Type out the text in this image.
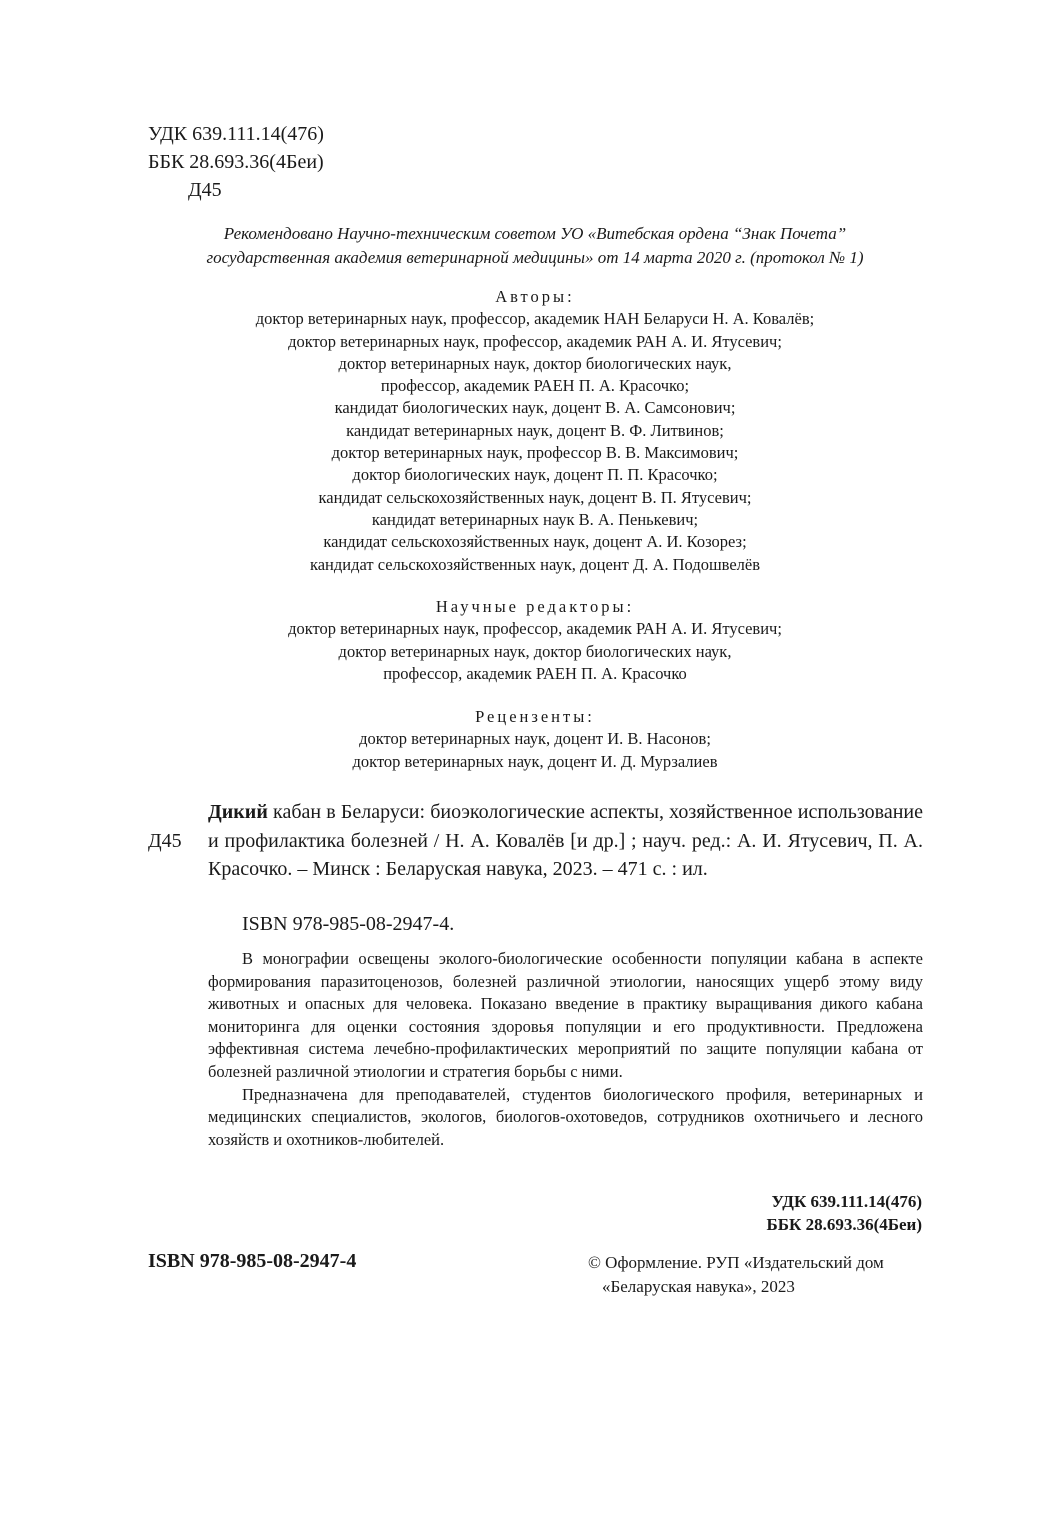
УДК 639.111.14(476)
ББК 28.693.36(4Беи)
Д45
Рекомендовано Научно-техническим советом УО «Витебская ордена “Знак Почета”
государственная академия ветеринарной медицины» от 14 марта 2020 г. (протокол № 1)
Авторы:
доктор ветеринарных наук, профессор, академик НАН Беларуси Н. А. Ковалёв;
доктор ветеринарных наук, профессор, академик РАН А. И. Ятусевич;
доктор ветеринарных наук, доктор биологических наук,
профессор, академик РАЕН П. А. Красочко;
кандидат биологических наук, доцент В. А. Самсонович;
кандидат ветеринарных наук, доцент В. Ф. Литвинов;
доктор ветеринарных наук, профессор В. В. Максимович;
доктор биологических наук, доцент П. П. Красочко;
кандидат сельскохозяйственных наук, доцент В. П. Ятусевич;
кандидат ветеринарных наук В. А. Пенькевич;
кандидат сельскохозяйственных наук, доцент А. И. Козорез;
кандидат сельскохозяйственных наук, доцент Д. А. Подошвелёв
Научные редакторы:
доктор ветеринарных наук, профессор, академик РАН А. И. Ятусевич;
доктор ветеринарных наук, доктор биологических наук,
профессор, академик РАЕН П. А. Красочко
Рецензенты:
доктор ветеринарных наук, доцент И. В. Насонов;
доктор ветеринарных наук, доцент И. Д. Мурзалиев
Д45
Дикий кабан в Беларуси: биоэкологические аспекты, хозяйственное использование и профилактика болезней / Н. А. Ковалёв [и др.] ; науч. ред.: А. И. Ятусевич, П. А. Красочко. – Минск : Беларуская навука, 2023. – 471 с. : ил.
ISBN 978-985-08-2947-4.

В монографии освещены эколого-биологические особенности популяции кабана в аспекте формирования паразитоценозов, болезней различной этиологии, наносящих ущерб этому виду животных и опасных для человека. Показано введение в практику выращивания дикого кабана мониторинга для оценки состояния здоровья популяции и его продуктивности. Предложена эффективная система лечебно-профилактических мероприятий по защите популяции кабана от болезней различной этиологии и стратегия борьбы с ними.

Предназначена для преподавателей, студентов биологического профиля, ветеринарных и медицинских специалистов, экологов, биологов-охотоведов, сотрудников охотничьего и лесного хозяйств и охотников-любителей.

УДК 639.111.14(476)
ББК 28.693.36(4Беи)
ISBN 978-985-08-2947-4	© Оформление. РУП «Издательский дом
«Беларуская навука», 2023
